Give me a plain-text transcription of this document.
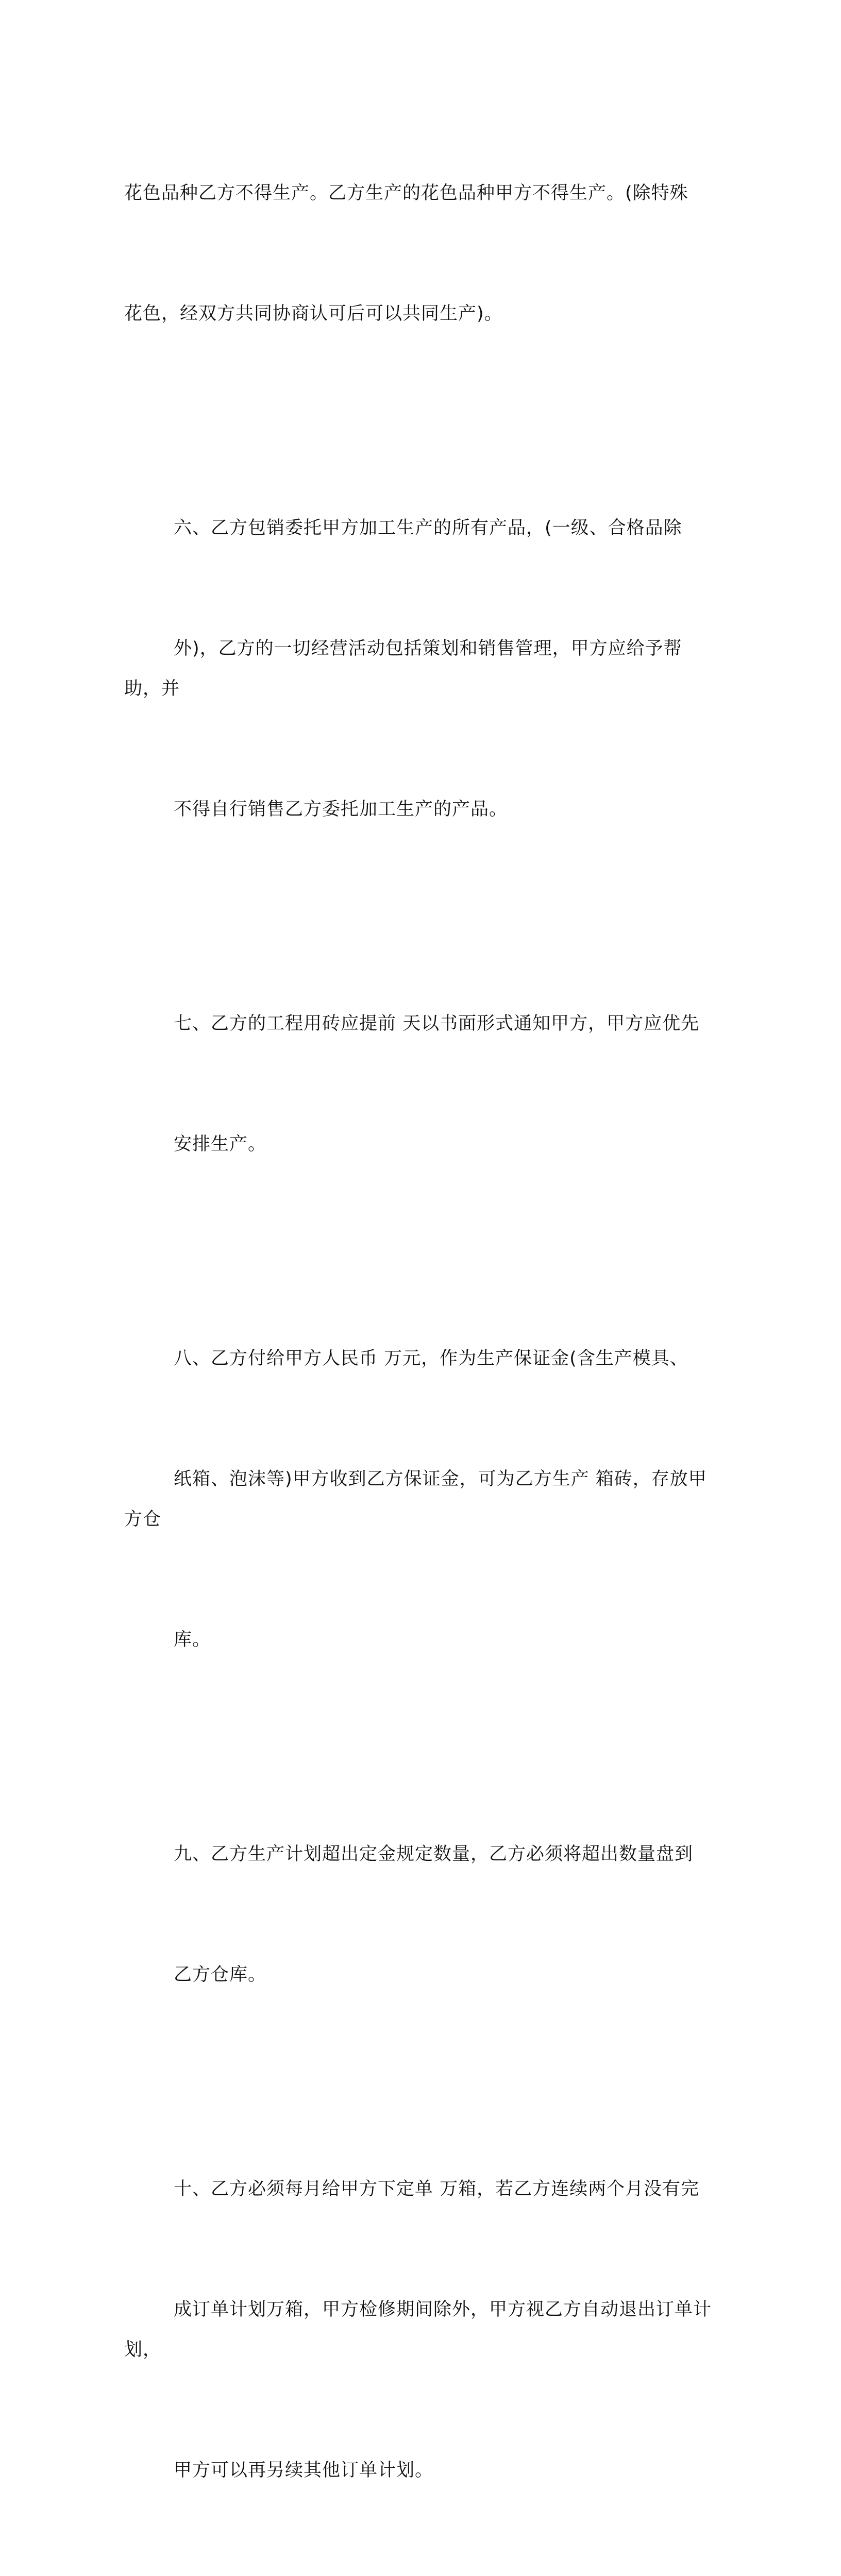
花色品种乙方不得生产。乙方生产的花色品种甲方不得生产。(除特殊

花色，经双方共同协商认可后可以共同生产)。

六、乙方包销委托甲方加工生产的所有产品，(一级、合格品除

外)，乙方的一切经营活动包括策划和销售管理，甲方应给予帮助，并

不得自行销售乙方委托加工生产的产品。

七、乙方的工程用砖应提前 天以书面形式通知甲方，甲方应优先

安排生产。

八、乙方付给甲方人民币 万元，作为生产保证金(含生产模具、

纸箱、泡沫等)甲方收到乙方保证金，可为乙方生产 箱砖，存放甲方仓

库。

九、乙方生产计划超出定金规定数量，乙方必须将超出数量盘到

乙方仓库。

十、乙方必须每月给甲方下定单 万箱，若乙方连续两个月没有完

成订单计划万箱，甲方检修期间除外，甲方视乙方自动退出订单计划，

甲方可以再另续其他订单计划。
